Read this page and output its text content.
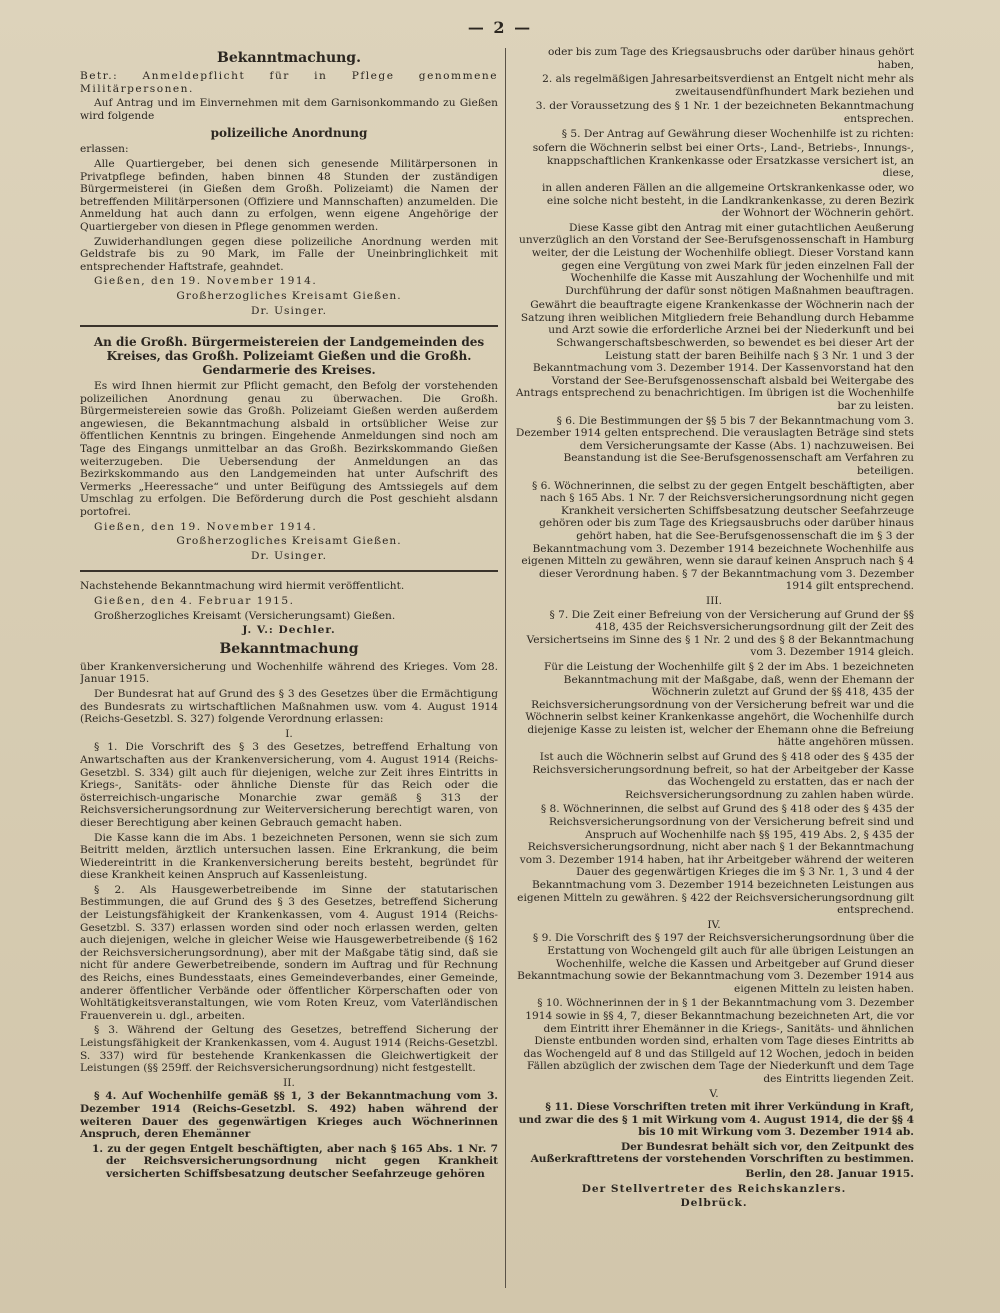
— 2 —
Bekanntmachung.

Betr.: Anmeldepflicht für in Pflege genommene Militärpersonen.

Auf Antrag und im Einvernehmen mit dem Garnisonkommando zu Gießen wird folgende

polizeiliche Anordnung

erlassen:

Alle Quartiergeber, bei denen sich genesende Militärpersonen in Privatpflege befinden, haben binnen 48 Stunden der zuständigen Bürgermeisterei (in Gießen dem Großh. Polizeiamt) die Namen der betreffenden Militärpersonen (Offiziere und Mannschaften) anzumelden. Die Anmeldung hat auch dann zu erfolgen, wenn eigene Angehörige der Quartiergeber von diesen in Pflege genommen werden.

Zuwiderhandlungen gegen diese polizeiliche Anordnung werden mit Geldstrafe bis zu 90 Mark, im Falle der Uneinbringlichkeit mit entsprechender Haftstrafe, geahndet.

Gießen, den 19. November 1914.

Großherzogliches Kreisamt Gießen.

Dr. Usinger.

An die Großh. Bürgermeistereien der Landgemeinden des Kreises, das Großh. Polizeiamt Gießen und die Großh. Gendarmerie des Kreises.

Es wird Ihnen hiermit zur Pflicht gemacht, den Befolg der vorstehenden polizeilichen Anordnung genau zu überwachen. Die Großh. Bürgermeistereien sowie das Großh. Polizeiamt Gießen werden außerdem angewiesen, die Bekanntmachung alsbald in ortsüblicher Weise zur öffentlichen Kenntnis zu bringen. Eingehende Anmeldungen sind noch am Tage des Eingangs unmittelbar an das Großh. Bezirkskommando Gießen weiterzugeben. Die Uebersendung der Anmeldungen an das Bezirkskommando aus den Landgemeinden hat unter Aufschrift des Vermerks „Heeressache“ und unter Beifügung des Amtssiegels auf dem Umschlag zu erfolgen. Die Beförderung durch die Post geschieht alsdann portofrei.

Gießen, den 19. November 1914.

Großherzogliches Kreisamt Gießen.

Dr. Usinger.

Nachstehende Bekanntmachung wird hiermit veröffentlicht.

Gießen, den 4. Februar 1915.

Großherzogliches Kreisamt (Versicherungsamt) Gießen.

J. V.: Dechler.

Bekanntmachung

über Krankenversicherung und Wochenhilfe während des Krieges. Vom 28. Januar 1915.

Der Bundesrat hat auf Grund des § 3 des Gesetzes über die Ermächtigung des Bundesrats zu wirtschaftlichen Maßnahmen usw. vom 4. August 1914 (Reichs-Gesetzbl. S. 327) folgende Verordnung erlassen:

I.

§ 1. Die Vorschrift des § 3 des Gesetzes, betreffend Erhaltung von Anwartschaften aus der Krankenversicherung, vom 4. August 1914 (Reichs-Gesetzbl. S. 334) gilt auch für diejenigen, welche zur Zeit ihres Eintritts in Kriegs-, Sanitäts- oder ähnliche Dienste für das Reich oder die österreichisch-ungarische Monarchie zwar gemäß § 313 der Reichsversicherungsordnung zur Weiterversicherung berechtigt waren, von dieser Berechtigung aber keinen Gebrauch gemacht haben.

Die Kasse kann die im Abs. 1 bezeichneten Personen, wenn sie sich zum Beitritt melden, ärztlich untersuchen lassen. Eine Erkrankung, die beim Wiedereintritt in die Krankenversicherung bereits besteht, begründet für diese Krankheit keinen Anspruch auf Kassenleistung.

§ 2. Als Hausgewerbetreibende im Sinne der statutarischen Bestimmungen, die auf Grund des § 3 des Gesetzes, betreffend Sicherung der Leistungsfähigkeit der Krankenkassen, vom 4. August 1914 (Reichs-Gesetzbl. S. 337) erlassen worden sind oder noch erlassen werden, gelten auch diejenigen, welche in gleicher Weise wie Hausgewerbetreibende (§ 162 der Reichsversicherungsordnung), aber mit der Maßgabe tätig sind, daß sie nicht für andere Gewerbetreibende, sondern im Auftrag und für Rechnung des Reichs, eines Bundesstaats, eines Gemeindeverbandes, einer Gemeinde, anderer öffentlicher Verbände oder öffentlicher Körperschaften oder von Wohltätigkeitsveranstaltungen, wie vom Roten Kreuz, vom Vaterländischen Frauenverein u. dgl., arbeiten.

§ 3. Während der Geltung des Gesetzes, betreffend Sicherung der Leistungsfähigkeit der Krankenkassen, vom 4. August 1914 (Reichs-Gesetzbl. S. 337) wird für bestehende Krankenkassen die Gleichwertigkeit der Leistungen (§§ 259ff. der Reichsversicherungsordnung) nicht festgestellt.

II.

§ 4. Auf Wochenhilfe gemäß §§ 1, 3 der Bekanntmachung vom 3. Dezember 1914 (Reichs-Gesetzbl. S. 492) haben während der weiteren Dauer des gegenwärtigen Krieges auch Wöchnerinnen Anspruch, deren Ehemänner

1. zu der gegen Entgelt beschäftigten, aber nach § 165 Abs. 1 Nr. 7 der Reichsversicherungsordnung nicht gegen Krankheit versicherten Schiffsbesatzung deutscher Seefahrzeuge gehören

oder bis zum Tage des Kriegsausbruchs oder darüber hinaus gehört haben,

2. als regelmäßigen Jahresarbeitsverdienst an Entgelt nicht mehr als zweitausendfünfhundert Mark beziehen und

3. der Voraussetzung des § 1 Nr. 1 der bezeichneten Bekanntmachung entsprechen.

§ 5. Der Antrag auf Gewährung dieser Wochenhilfe ist zu richten:

sofern die Wöchnerin selbst bei einer Orts-, Land-, Betriebs-, Innungs-, knappschaftlichen Krankenkasse oder Ersatzkasse versichert ist, an diese,

in allen anderen Fällen an die allgemeine Ortskrankenkasse oder, wo eine solche nicht besteht, in die Landkrankenkasse, zu deren Bezirk der Wohnort der Wöchnerin gehört.

Diese Kasse gibt den Antrag mit einer gutachtlichen Aeußerung unverzüglich an den Vorstand der See-Berufsgenossenschaft in Hamburg weiter, der die Leistung der Wochenhilfe obliegt. Dieser Vorstand kann gegen eine Vergütung von zwei Mark für jeden einzelnen Fall der Wochenhilfe die Kasse mit Auszahlung der Wochenhilfe und mit Durchführung der dafür sonst nötigen Maßnahmen beauftragen.

Gewährt die beauftragte eigene Krankenkasse der Wöchnerin nach der Satzung ihren weiblichen Mitgliedern freie Behandlung durch Hebamme und Arzt sowie die erforderliche Arznei bei der Niederkunft und bei Schwangerschaftsbeschwerden, so bewendet es bei dieser Art der Leistung statt der baren Beihilfe nach § 3 Nr. 1 und 3 der Bekanntmachung vom 3. Dezember 1914. Der Kassenvorstand hat den Vorstand der See-Berufsgenossenschaft alsbald bei Weitergabe des Antrags entsprechend zu benachrichtigen. Im übrigen ist die Wochenhilfe bar zu leisten.

§ 6. Die Bestimmungen der §§ 5 bis 7 der Bekanntmachung vom 3. Dezember 1914 gelten entsprechend. Die verauslagten Beträge sind stets dem Versicherungsamte der Kasse (Abs. 1) nachzuweisen. Bei Beanstandung ist die See-Berufsgenossenschaft am Verfahren zu beteiligen.

§ 6. Wöchnerinnen, die selbst zu der gegen Entgelt beschäftigten, aber nach § 165 Abs. 1 Nr. 7 der Reichsversicherungsordnung nicht gegen Krankheit versicherten Schiffsbesatzung deutscher Seefahrzeuge gehören oder bis zum Tage des Kriegsausbruchs oder darüber hinaus gehört haben, hat die See-Berufsgenossenschaft die im § 3 der Bekanntmachung vom 3. Dezember 1914 bezeichnete Wochenhilfe aus eigenen Mitteln zu gewähren, wenn sie darauf keinen Anspruch nach § 4 dieser Verordnung haben. § 7 der Bekanntmachung vom 3. Dezember 1914 gilt entsprechend.

III.

§ 7. Die Zeit einer Befreiung von der Versicherung auf Grund der §§ 418, 435 der Reichsversicherungsordnung gilt der Zeit des Versichertseins im Sinne des § 1 Nr. 2 und des § 8 der Bekanntmachung vom 3. Dezember 1914 gleich.

Für die Leistung der Wochenhilfe gilt § 2 der im Abs. 1 bezeichneten Bekanntmachung mit der Maßgabe, daß, wenn der Ehemann der Wöchnerin zuletzt auf Grund der §§ 418, 435 der Reichsversicherungsordnung von der Versicherung befreit war und die Wöchnerin selbst keiner Krankenkasse angehört, die Wochenhilfe durch diejenige Kasse zu leisten ist, welcher der Ehemann ohne die Befreiung hätte angehören müssen.

Ist auch die Wöchnerin selbst auf Grund des § 418 oder des § 435 der Reichsversicherungsordnung befreit, so hat der Arbeitgeber der Kasse das Wochengeld zu erstatten, das er nach der Reichsversicherungsordnung zu zahlen haben würde.

§ 8. Wöchnerinnen, die selbst auf Grund des § 418 oder des § 435 der Reichsversicherungsordnung von der Versicherung befreit sind und Anspruch auf Wochenhilfe nach §§ 195, 419 Abs. 2, § 435 der Reichsversicherungsordnung, nicht aber nach § 1 der Bekanntmachung vom 3. Dezember 1914 haben, hat ihr Arbeitgeber während der weiteren Dauer des gegenwärtigen Krieges die im § 3 Nr. 1, 3 und 4 der Bekanntmachung vom 3. Dezember 1914 bezeichneten Leistungen aus eigenen Mitteln zu gewähren. § 422 der Reichsversicherungsordnung gilt entsprechend.

IV.

§ 9. Die Vorschrift des § 197 der Reichsversicherungsordnung über die Erstattung von Wochengeld gilt auch für alle übrigen Leistungen an Wochenhilfe, welche die Kassen und Arbeitgeber auf Grund dieser Bekanntmachung sowie der Bekanntmachung vom 3. Dezember 1914 aus eigenen Mitteln zu leisten haben.

§ 10. Wöchnerinnen der in § 1 der Bekanntmachung vom 3. Dezember 1914 sowie in §§ 4, 7, dieser Bekanntmachung bezeichneten Art, die vor dem Eintritt ihrer Ehemänner in die Kriegs-, Sanitäts- und ähnlichen Dienste entbunden worden sind, erhalten vom Tage dieses Eintritts ab das Wochengeld auf 8 und das Stillgeld auf 12 Wochen, jedoch in beiden Fällen abzüglich der zwischen dem Tage der Niederkunft und dem Tage des Eintritts liegenden Zeit.

V.

§ 11. Diese Vorschriften treten mit ihrer Verkündung in Kraft, und zwar die des § 1 mit Wirkung vom 4. August 1914, die der §§ 4 bis 10 mit Wirkung vom 3. Dezember 1914 ab.

Der Bundesrat behält sich vor, den Zeitpunkt des Außerkrafttretens der vorstehenden Vorschriften zu bestimmen.

Berlin, den 28. Januar 1915.

Der Stellvertreter des Reichskanzlers.

Delbrück.
